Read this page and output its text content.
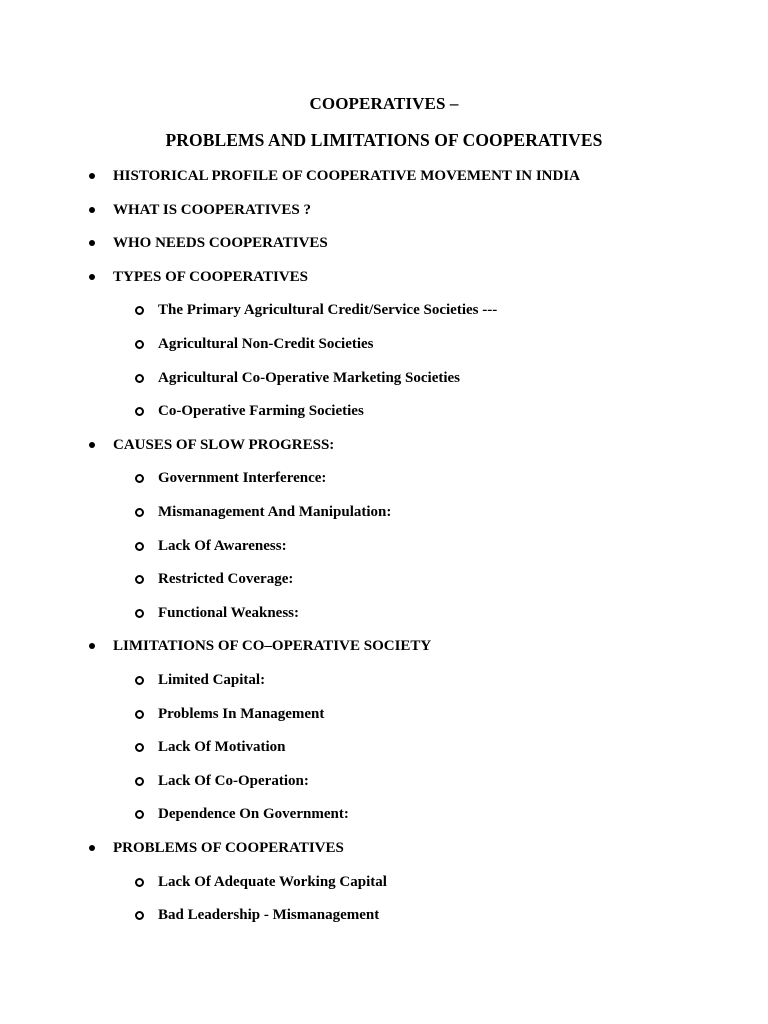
COOPERATIVES –
PROBLEMS AND LIMITATIONS OF COOPERATIVES
HISTORICAL PROFILE OF COOPERATIVE MOVEMENT IN INDIA
WHAT IS COOPERATIVES ?
WHO NEEDS COOPERATIVES
TYPES OF COOPERATIVES
The Primary Agricultural Credit/Service Societies ---
Agricultural Non-Credit Societies
Agricultural Co-Operative Marketing Societies
Co-Operative Farming Societies
CAUSES OF SLOW PROGRESS:
Government Interference:
Mismanagement And Manipulation:
Lack Of Awareness:
Restricted Coverage:
Functional Weakness:
LIMITATIONS OF CO–OPERATIVE SOCIETY
Limited Capital:
Problems In Management
Lack Of Motivation
Lack Of Co-Operation:
Dependence On Government:
PROBLEMS OF COOPERATIVES
Lack Of Adequate Working Capital
Bad Leadership - Mismanagement
